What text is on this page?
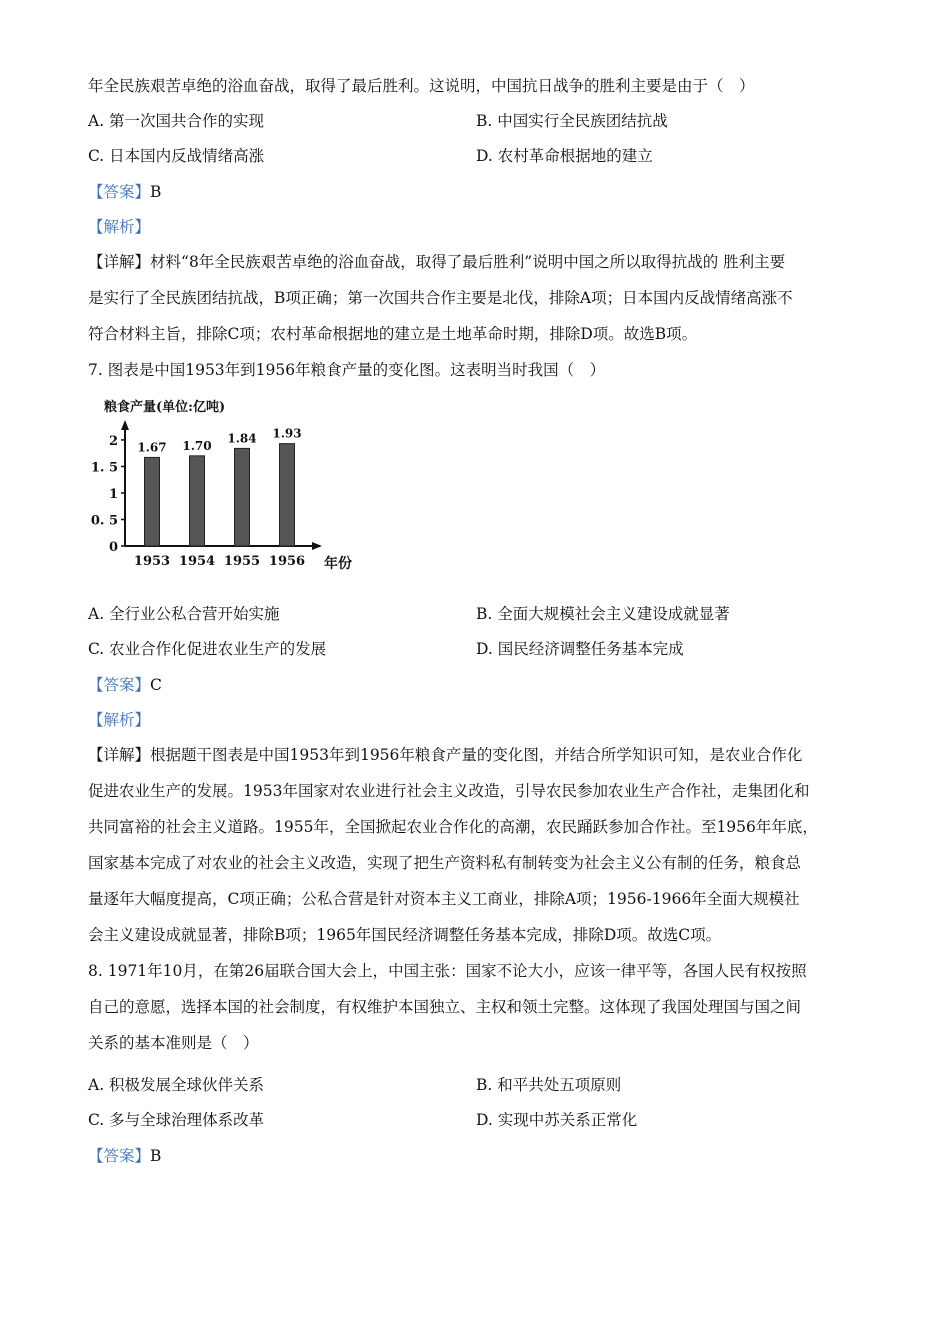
年全民族艰苦卓绝的浴血奋战，取得了最后胜利。这说明，中国抗日战争的胜利主要是由于（　）
A. 第一次国共合作的实现	B. 中国实行全民族团结抗战
C. 日本国内反战情绪高涨	D. 农村革命根据地的建立
【答案】B
【解析】
【详解】材料“8年全民族艰苦卓绝的浴血奋战，取得了最后胜利”说明中国之所以取得抗战的 胜利主要
是实行了全民族团结抗战，B项正确；第一次国共合作主要是北伐，排除A项；日本国内反战情绪高涨不
符合材料主旨，排除C项；农村革命根据地的建立是土地革命时期，排除D项。故选B项。
7. 图表是中国1953年到1956年粮食产量的变化图。这表明当时我国（　）
粮食产量(单位:亿吨)
0
0. 5
1
1. 5
2 1.67
1953
1.70
1954
1.84
1955
1.93
1956 年份
A. 全行业公私合营开始实施	B. 全面大规模社会主义建设成就显著
C. 农业合作化促进农业生产的发展	D. 国民经济调整任务基本完成
【答案】C
【解析】
【详解】根据题干图表是中国1953年到1956年粮食产量的变化图，并结合所学知识可知，是农业合作化
促进农业生产的发展。1953年国家对农业进行社会主义改造，引导农民参加农业生产合作社，走集团化和
共同富裕的社会主义道路。1955年，全国掀起农业合作化的高潮，农民踊跃参加合作社。至1956年年底，
国家基本完成了对农业的社会主义改造，实现了把生产资料私有制转变为社会主义公有制的任务，粮食总
量逐年大幅度提高，C项正确；公私合营是针对资本主义工商业，排除A项；1956-1966年全面大规模社
会主义建设成就显著，排除B项；1965年国民经济调整任务基本完成，排除D项。故选C项。
8. 1971年10月，在第26届联合国大会上，中国主张：国家不论大小，应该一律平等，各国人民有权按照
自己的意愿，选择本国的社会制度，有权维护本国独立、主权和领土完整。这体现了我国处理国与国之间
关系的基本准则是（　）
A. 积极发展全球伙伴关系	B. 和平共处五项原则
C. 多与全球治理体系改革	D. 实现中苏关系正常化
【答案】B
